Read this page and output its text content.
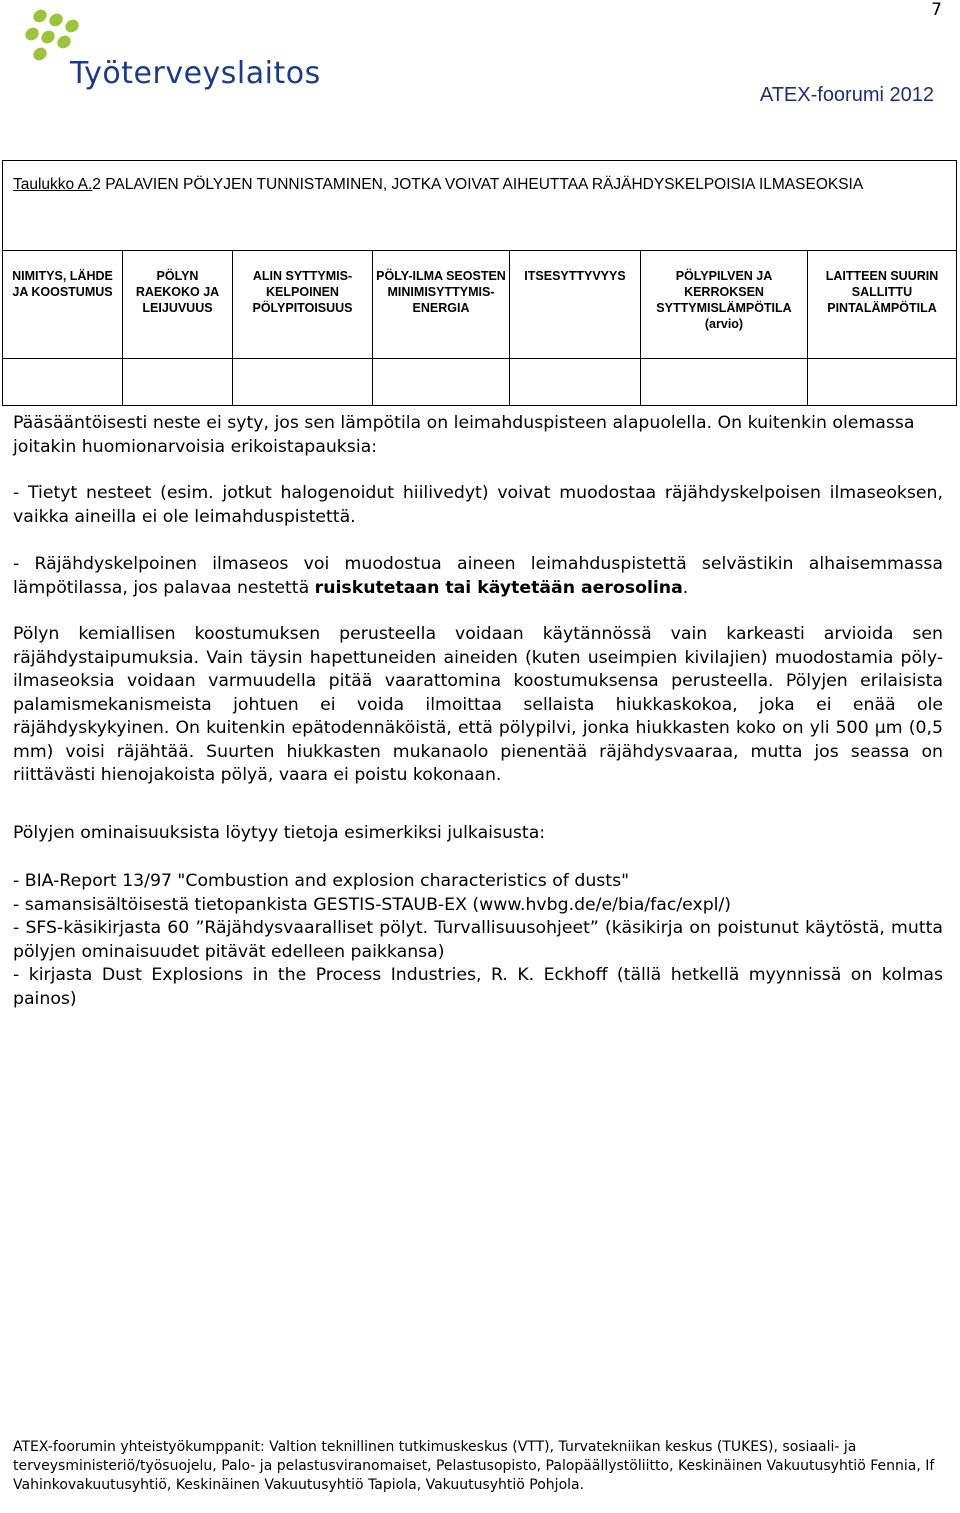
7
Työterveyslaitos
ATEX-foorumi 2012
Taulukko A.2 PALAVIEN PÖLYJEN TUNNISTAMINEN, JOTKA VOIVAT AIHEUTTAA RÄJÄHDYSKELPOISIA ILMASEOKSIA						
NIMITYS, LÄHDE JA KOOSTUMUS	PÖLYN RAEKOKO JA LEIJUVUUS	ALIN SYTTYMIS-KELPOINEN PÖLYPITOISUUS	PÖLY-ILMA SEOSTEN MINIMISYTTYMIS-ENERGIA	ITSESYTTYVYYS	PÖLYPILVEN JA KERROKSEN SYTTYMISLÄMPÖTILA (arvio)	LAITTEEN SUURIN SALLITTU PINTALÄMPÖTILA

Pääsääntöisesti neste ei syty, jos sen lämpötila on leimahduspisteen alapuolella. On kuitenkin olemassa joitakin huomionarvoisia erikoistapauksia:

- Tietyt nesteet (esim. jotkut halogenoidut hiilivedyt) voivat muodostaa räjähdyskelpoisen ilmaseoksen, vaikka aineilla ei ole leimahduspistettä.

- Räjähdyskelpoinen ilmaseos voi muodostua aineen leimahduspistettä selvästikin alhaisemmassa lämpötilassa, jos palavaa nestettä ruiskutetaan tai käytetään aerosolina.

Pölyn kemiallisen koostumuksen perusteella voidaan käytännössä vain karkeasti arvioida sen räjähdystaipumuksia. Vain täysin hapettuneiden aineiden (kuten useimpien kivilajien) muodostamia pöly-ilmaseoksia voidaan varmuudella pitää vaarattomina koostumuksensa perusteella. Pölyjen erilaisista palamismekanismeista johtuen ei voida ilmoittaa sellaista hiukkaskokoa, joka ei enää ole räjähdyskykyinen. On kuitenkin epätodennäköistä, että pölypilvi, jonka hiukkasten koko on yli 500 µm (0,5 mm) voisi räjähtää. Suurten hiukkasten mukanaolo pienentää räjähdysvaaraa, mutta jos seassa on riittävästi hienojakoista pölyä, vaara ei poistu kokonaan.

Pölyjen ominaisuuksista löytyy tietoja esimerkiksi julkaisusta:

- BIA-Report 13/97 "Combustion and explosion characteristics of dusts"
- samansisältöisestä tietopankista GESTIS-STAUB-EX (www.hvbg.de/e/bia/fac/expl/)
- SFS-käsikirjasta 60 ”Räjähdysvaaralliset pölyt. Turvallisuusohjeet” (käsikirja on poistunut käytöstä, mutta pölyjen ominaisuudet pitävät edelleen paikkansa)
- kirjasta Dust Explosions in the Process Industries, R. K. Eckhoff (tällä hetkellä myynnissä on kolmas painos)

ATEX-foorumin yhteistyökumppanit: Valtion teknillinen tutkimuskeskus (VTT), Turvatekniikan keskus (TUKES), sosiaali- ja terveysministeriö/työsuojelu, Palo- ja pelastusviranomaiset, Pelastusopisto, Palopäällystöliitto, Keskinäinen Vakuutusyhtiö Fennia, If Vahinkovakuutusyhtiö, Keskinäinen Vakuutusyhtiö Tapiola, Vakuutusyhtiö Pohjola.
